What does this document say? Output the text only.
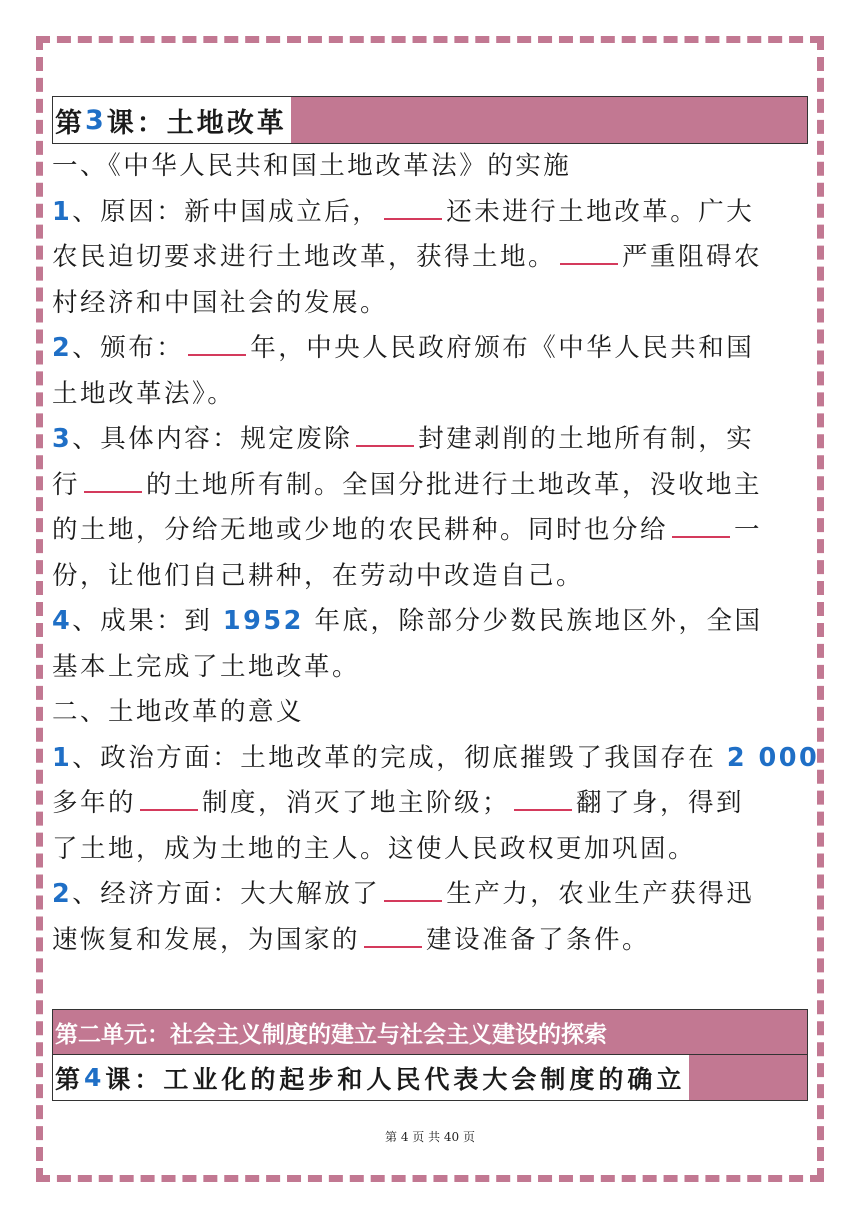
第 3 课：土地改革
一、《中华人民共和国土地改革法》的实施
1、原因：新中国成立后，	还未进行土地改革。广大
农民迫切要求进行土地改革，获得土地。	严重阻碍农
村经济和中国社会的发展。
2、颁布：	年，中央人民政府颁布《中华人民共和国
土地改革法》。
3、具体内容：规定废除	封建剥削的土地所有制，实
行	的土地所有制。全国分批进行土地改革，没收地主
的土地，分给无地或少地的农民耕种。同时也分给	一
份，让他们自己耕种，在劳动中改造自己。
4、成果：到 1952 年底，除部分少数民族地区外，全国
基本上完成了土地改革。
二、土地改革的意义
1、政治方面：土地改革的完成，彻底摧毁了我国存在 2 000
多年的	制度，消灭了地主阶级；	翻了身，得到
了土地，成为土地的主人。这使人民政权更加巩固。
2、经济方面：大大解放了	生产力，农业生产获得迅
速恢复和发展，为国家的	建设准备了条件。
第二单元：社会主义制度的建立与社会主义建设的探索
第 4 课：工业化的起步和人民代表大会制度的确立
第 4 页 共 40 页
